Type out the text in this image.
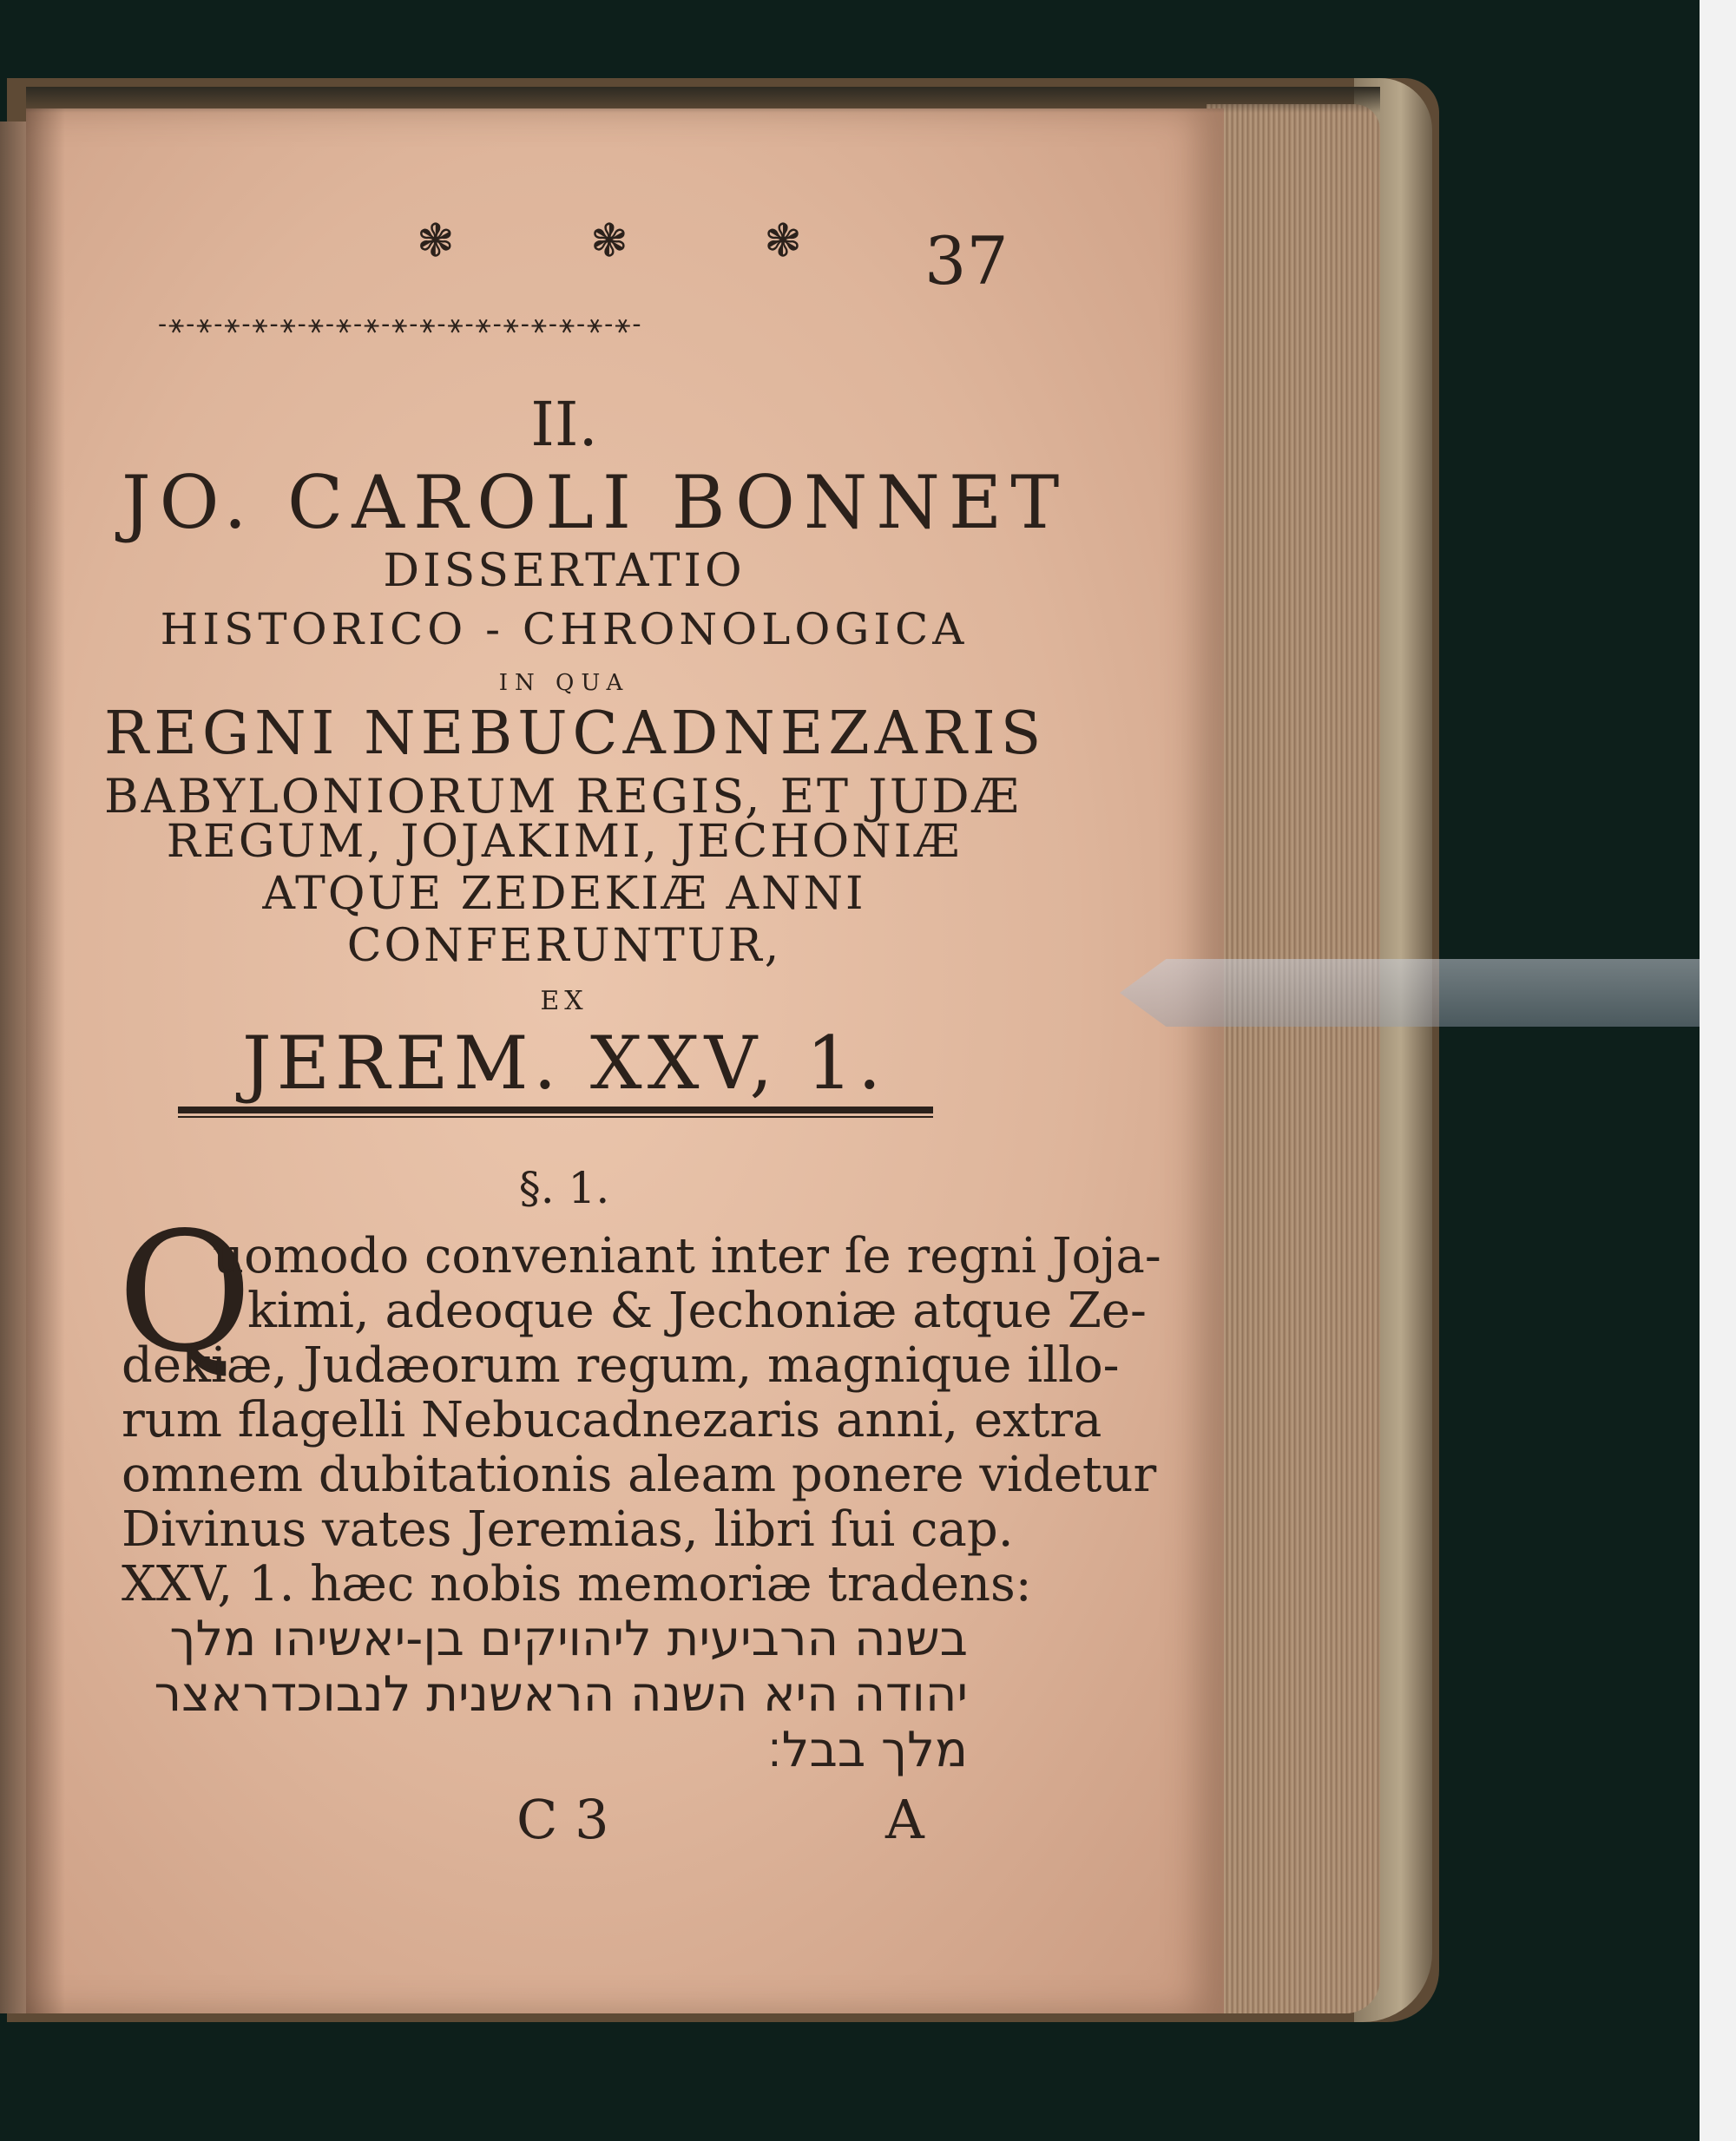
❃ ❃ ❃ 37
-⚹-⚹-⚹-⚹-⚹-⚹-⚹-⚹-⚹-⚹-⚹-⚹-⚹-⚹-⚹-⚹-⚹-
II.
JO. CAROLI BONNET
DISSERTATIO
HISTORICO - CHRONOLOGICA
IN QUA
REGNI NEBUCADNEZARIS
BABYLONIORUM REGIS, ET JUDÆ
REGUM, JOJAKIMI, JECHONIÆ
ATQUE ZEDEKIÆ ANNI
CONFERUNTUR,
EX
JEREM. XXV, 1.
§. 1.
Q
uomodo conveniant inter ſe regni Joja-
kimi, adeoque & Jechoniæ atque Ze-
dekiæ, Judæorum regum, magnique illo-
rum flagelli Nebucadnezaris anni, extra
omnem dubitationis aleam ponere videtur
Divinus vates Jeremias, libri ſui cap.
XXV, 1. hæc nobis memoriæ tradens:
בשנה הרביעית ליהויקים בן-יאשיהו מלך
יהודה היא השנה הראשנית לנבוכדראצר
מלך בבל׃
C 3	A
